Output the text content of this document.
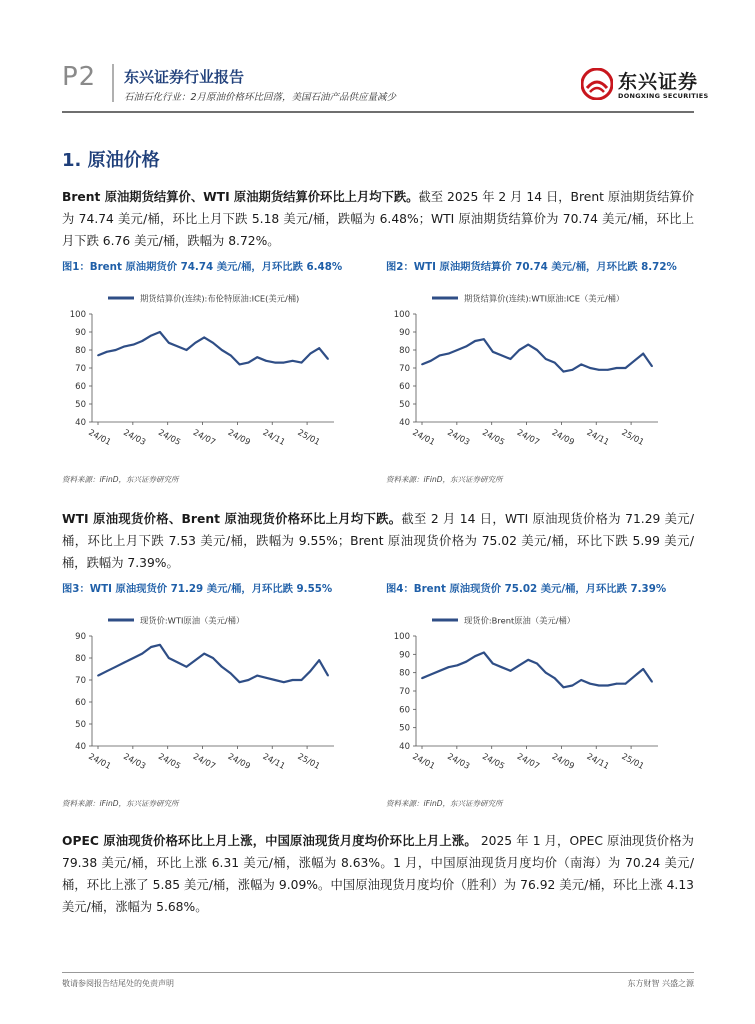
P2 东兴证券行业报告
石油石化行业：2月原油价格环比回落，美国石油产品供应量减少
东兴证券
DONGXING SECURITIES
1. 原油价格
Brent 原油期货结算价、WTI 原油期货结算价环比上月均下跌。截至 2025 年 2 月 14 日，Brent 原油期货结算价为 74.74 美元/桶，环比上月下跌 5.18 美元/桶，跌幅为 6.48%；WTI 原油期货结算价为 70.74 美元/桶，环比上月下跌 6.76 美元/桶，跌幅为 8.72%。
图1：Brent 原油期货价 74.74 美元/桶，月环比跌 6.48%	图2：WTI 原油期货结算价 70.74 美元/桶，月环比跌 8.72%
期货结算价(连续):布伦特原油:ICE(美元/桶)
40
50
60
70
80
90
100
24/01 24/03 24/05 24/07 24/09 24/11 25/01
期货结算价(连续):WTI原油:ICE（美元/桶）
40
50
60
70
80
90
100
24/01 24/03 24/05 24/07 24/09 24/11 25/01
资料来源：iFinD，东兴证券研究所	资料来源：iFinD，东兴证券研究所
WTI 原油现货价格、Brent 原油现货价格环比上月均下跌。截至 2 月 14 日，WTI 原油现货价格为 71.29 美元/桶，环比上月下跌 7.53 美元/桶，跌幅为 9.55%；Brent 原油现货价格为 75.02 美元/桶，环比下跌 5.99 美元/桶，跌幅为 7.39%。
图3：WTI 原油现货价 71.29 美元/桶，月环比跌 9.55%	图4：Brent 原油现货价 75.02 美元/桶，月环比跌 7.39%
现货价:WTI原油（美元/桶）
40
50
60
70
80
90
24/01 24/03 24/05 24/07 24/09 24/11 25/01
现货价:Brent原油（美元/桶）
40
50
60
70
80
90
100
24/01 24/03 24/05 24/07 24/09 24/11 25/01
资料来源：iFinD，东兴证券研究所	资料来源：iFinD，东兴证券研究所
OPEC 原油现货价格环比上月上涨，中国原油现货月度均价环比上月上涨。 2025 年 1 月，OPEC 原油现货价格为 79.38 美元/桶，环比上涨 6.31 美元/桶，涨幅为 8.63%。1 月，中国原油现货月度均价（南海）为 70.24 美元/桶，环比上涨了 5.85 美元/桶，涨幅为 9.09%。中国原油现货月度均价（胜利）为 76.92 美元/桶，环比上涨 4.13 美元/桶，涨幅为 5.68%。
敬请参阅报告结尾处的免责声明	东方财智 兴盛之源
